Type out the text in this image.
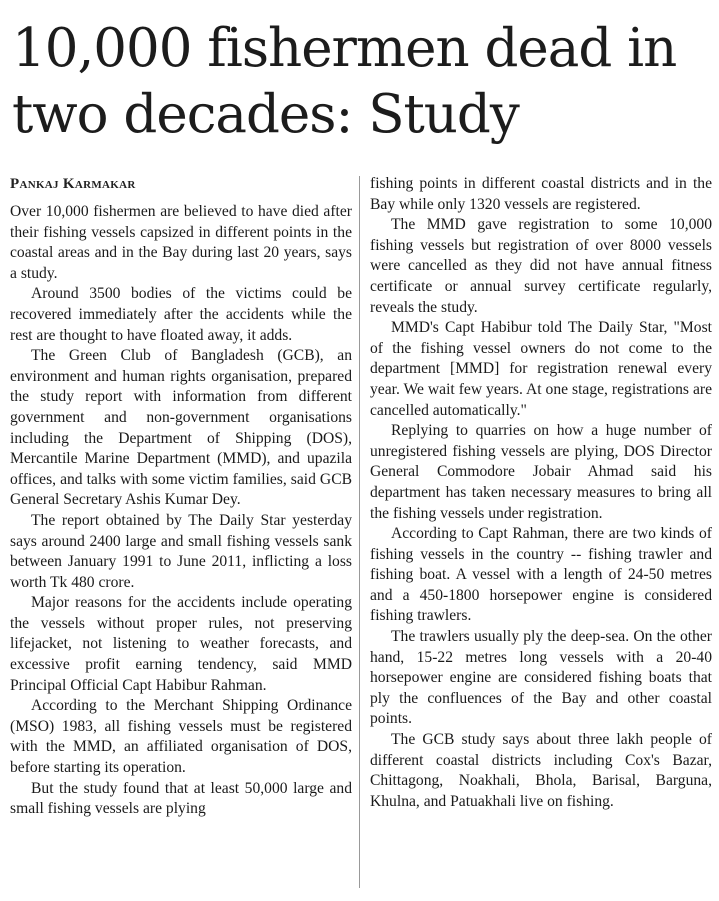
10,000 fishermen dead in two decades: Study
Pankaj Karmakar

Over 10,000 fishermen are believed to have died after their fishing vessels capsized in different points in the coastal areas and in the Bay during last 20 years, says a study.

Around 3500 bodies of the victims could be recovered immediately after the accidents while the rest are thought to have floated away, it adds.

The Green Club of Bangladesh (GCB), an environment and human rights organisation, prepared the study report with information from different government and non-government organisations including the Department of Shipping (DOS), Mercantile Marine Department (MMD), and upazila offices, and talks with some victim families, said GCB General Secretary Ashis Kumar Dey.

The report obtained by The Daily Star yesterday says around 2400 large and small fishing vessels sank between January 1991 to June 2011, inflicting a loss worth Tk 480 crore.

Major reasons for the accidents include operating the vessels without proper rules, not preserving lifejacket, not listening to weather forecasts, and excessive profit earning tendency, said MMD Principal Official Capt Habibur Rahman.

According to the Merchant Shipping Ordinance (MSO) 1983, all fishing vessels must be registered with the MMD, an affiliated organisation of DOS, before starting its operation.

But the study found that at least 50,000 large and small fishing vessels are plying

fishing points in different coastal districts and in the Bay while only 1320 vessels are registered.

The MMD gave registration to some 10,000 fishing vessels but registration of over 8000 vessels were cancelled as they did not have annual fitness certificate or annual survey certificate regularly, reveals the study.

MMD's Capt Habibur told The Daily Star, "Most of the fishing vessel owners do not come to the department [MMD] for registration renewal every year. We wait few years. At one stage, registrations are cancelled automatically."

Replying to quarries on how a huge number of unregistered fishing vessels are plying, DOS Director General Commodore Jobair Ahmad said his department has taken necessary measures to bring all the fishing vessels under registration.

According to Capt Rahman, there are two kinds of fishing vessels in the country -- fishing trawler and fishing boat. A vessel with a length of 24-50 metres and a 450-1800 horsepower engine is considered fishing trawlers.

The trawlers usually ply the deep-sea. On the other hand, 15-22 metres long vessels with a 20-40 horsepower engine are considered fishing boats that ply the confluences of the Bay and other coastal points.

The GCB study says about three lakh people of different coastal districts including Cox's Bazar, Chittagong, Noakhali, Bhola, Barisal, Barguna, Khulna, and Patuakhali live on fishing.
